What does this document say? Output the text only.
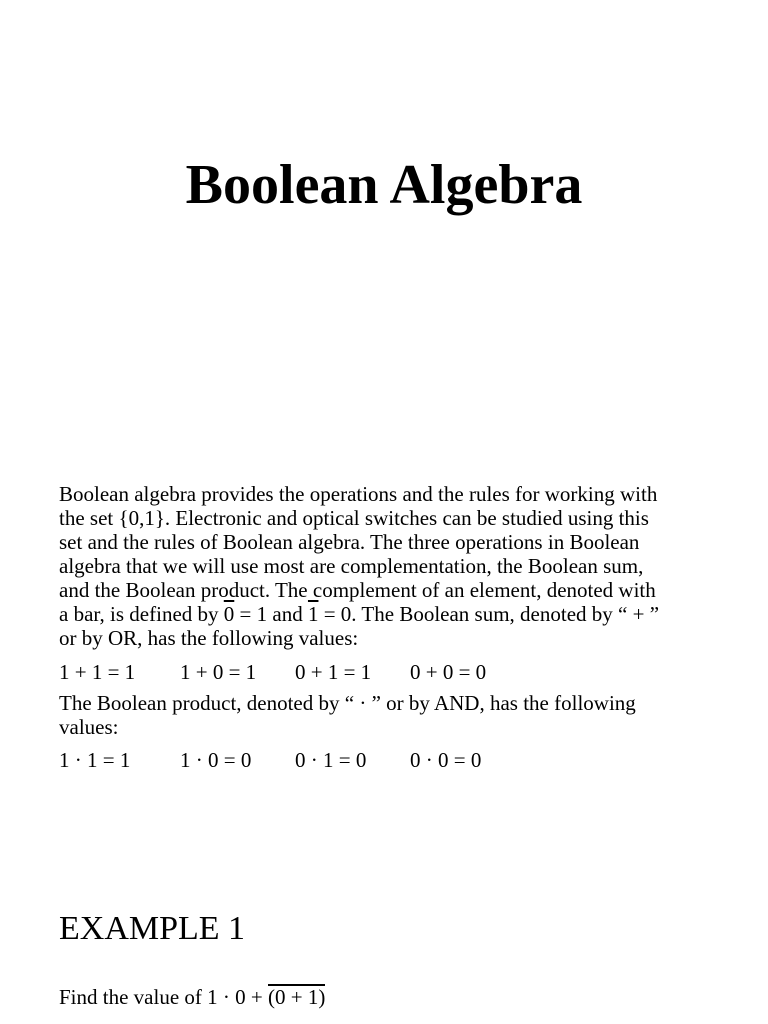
Boolean Algebra
Boolean algebra provides the operations and the rules for working with
the set {0,1}. Electronic and optical switches can be studied using this
set and the rules of Boolean algebra. The three operations in Boolean
algebra that we will use most are complementation, the Boolean sum,
and the Boolean product. The complement of an element, denoted with
a bar, is defined by 0 = 1 and 1 = 0. The Boolean sum, denoted by “ + ”
or by OR, has the following values:
1 + 1 = 1 1 + 0 = 1 0 + 1 = 1 0 + 0 = 0
The Boolean product, denoted by “ · ” or by AND, has the following
values:
1 · 1 = 1 1 · 0 = 0 0 · 1 = 0 0 · 0 = 0
EXAMPLE 1
Find the value of 1 · 0 + (0 + 1)
